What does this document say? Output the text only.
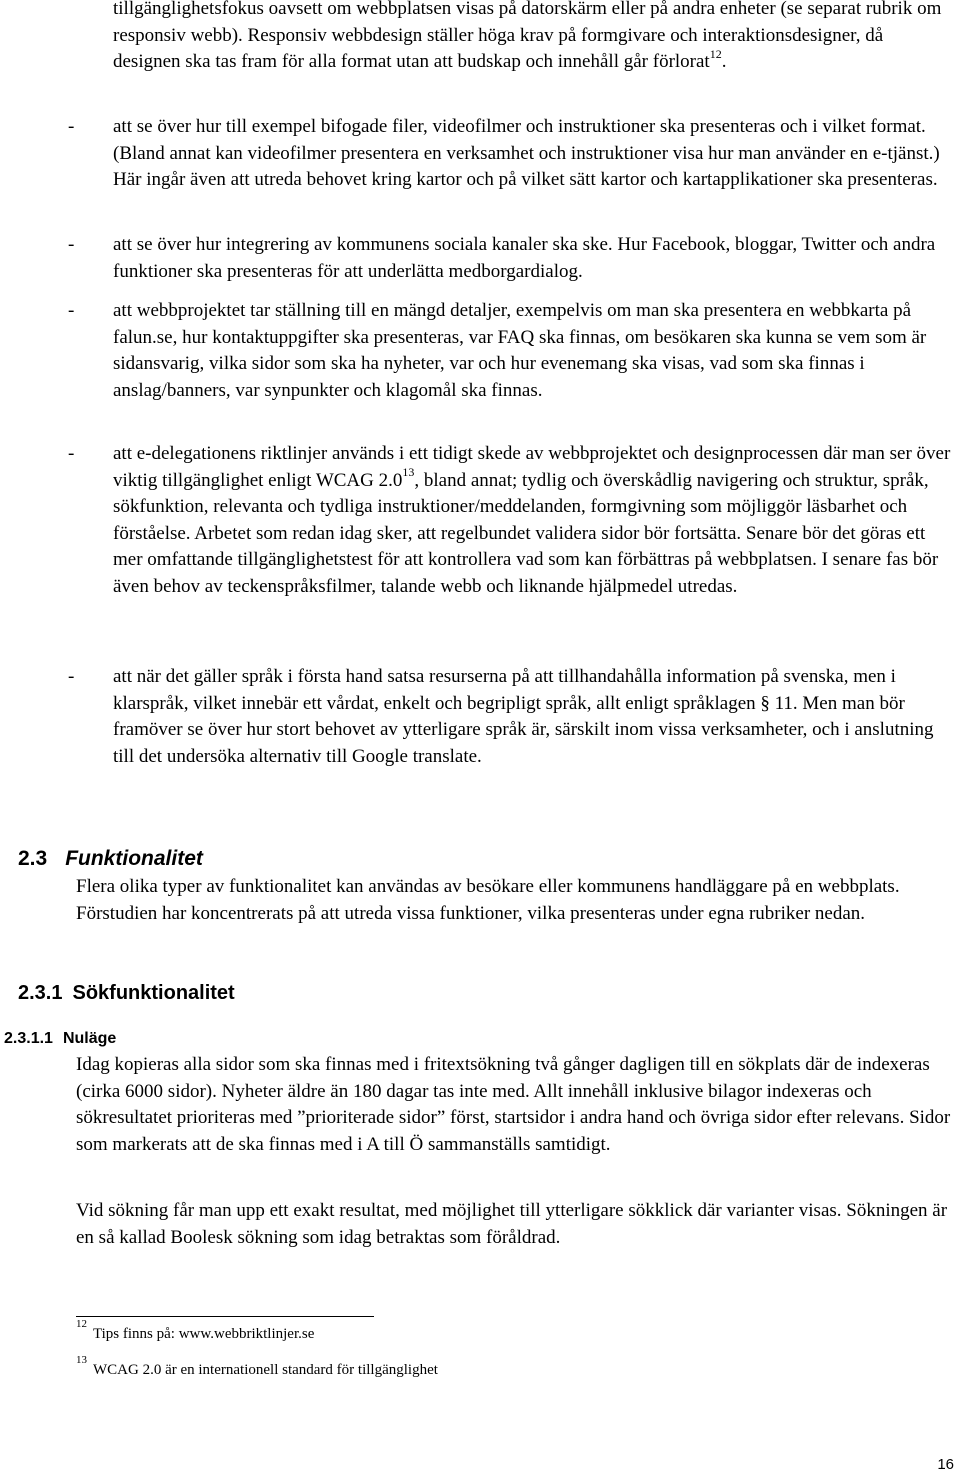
tillgänglighetsfokus oavsett om webbplatsen visas på datorskärm eller på andra enheter (se separat rubrik om responsiv webb). Responsiv webbdesign ställer höga krav på formgivare och interaktionsdesigner, då designen ska tas fram för alla format utan att budskap och innehåll går förlorat$^{12}$.

- att se över hur till exempel bifogade filer, videofilmer och instruktioner ska presenteras och i vilket format. (Bland annat kan videofilmer presentera en verksamhet och instruktioner visa hur man använder en e-tjänst.) Här ingår även att utreda behovet kring kartor och på vilket sätt kartor och kartapplikationer ska presenteras.

- att se över hur integrering av kommunens sociala kanaler ska ske. Hur Facebook, bloggar, Twitter och andra funktioner ska presenteras för att underlätta medborgardialog.

- att webbprojektet tar ställning till en mängd detaljer, exempelvis om man ska presentera en webbkarta på falun.se, hur kontaktuppgifter ska presenteras, var FAQ ska finnas, om besökaren ska kunna se vem som är sidansvarig, vilka sidor som ska ha nyheter, var och hur evenemang ska visas, vad som ska finnas i anslag/banners, var synpunkter och klagomål ska finnas.

- att e-delegationens riktlinjer används i ett tidigt skede av webbprojektet och designprocessen där man ser över viktig tillgänglighet enligt WCAG $2.0^{13}$, bland annat; tydlig och överskådlig navigering och struktur, språk, sökfunktion, relevanta och tydliga instruktioner/meddelanden, formgivning som möjliggör läsbarhet och förståelse. Arbetet som redan idag sker, att regelbundet validera sidor bör fortsätta. Senare bör det göras ett mer omfattande tillgänglighetstest för att kontrollera vad som kan förbättras på webbplatsen. I senare fas bör även behov av teckenspråksfilmer, talande webb och liknande hjälpmedel utredas.

- att när det gäller språk i första hand satsa resurserna på att tillhandahålla information på svenska, men i klarspråk, vilket innebär ett vårdat, enkelt och begripligt språk, allt enligt språklagen § 11. Men man bör framöver se över hur stort behovet av ytterligare språk är, särskilt inom vissa verksamheter, och i anslutning till det undersöka alternativ till Google translate.

2.3 Funktionalitet

Flera olika typer av funktionalitet kan användas av besökare eller kommunens handläggare på en webbplats. Förstudien har koncentrerats på att utreda vissa funktioner, vilka presenteras under egna rubriker nedan.

2.3.1 Sökfunktionalitet
2.3.1.1 Nuläge

Idag kopieras alla sidor som ska finnas med i fritextsökning två gånger dagligen till en sökplats där de indexeras (cirka 6000 sidor). Nyheter äldre än 180 dagar tas inte med. Allt innehåll inklusive bilagor indexeras och sökresultatet prioriteras med ”prioriterade sidor” först, startsidor i andra hand och övriga sidor efter relevans. Sidor som markerats att de ska finnas med i A till Ö sammanställs samtidigt.

Vid sökning får man upp ett exakt resultat, med möjlighet till ytterligare sökklick där varianter visas. Sökningen är en så kallad Boolesk sökning som idag betraktas som föråldrad.

$^{12}$Tips finns på: www.webbriktlinjer.se
$^{13}$WCAG 2.0 är en internationell standard för tillgänglighet
16
